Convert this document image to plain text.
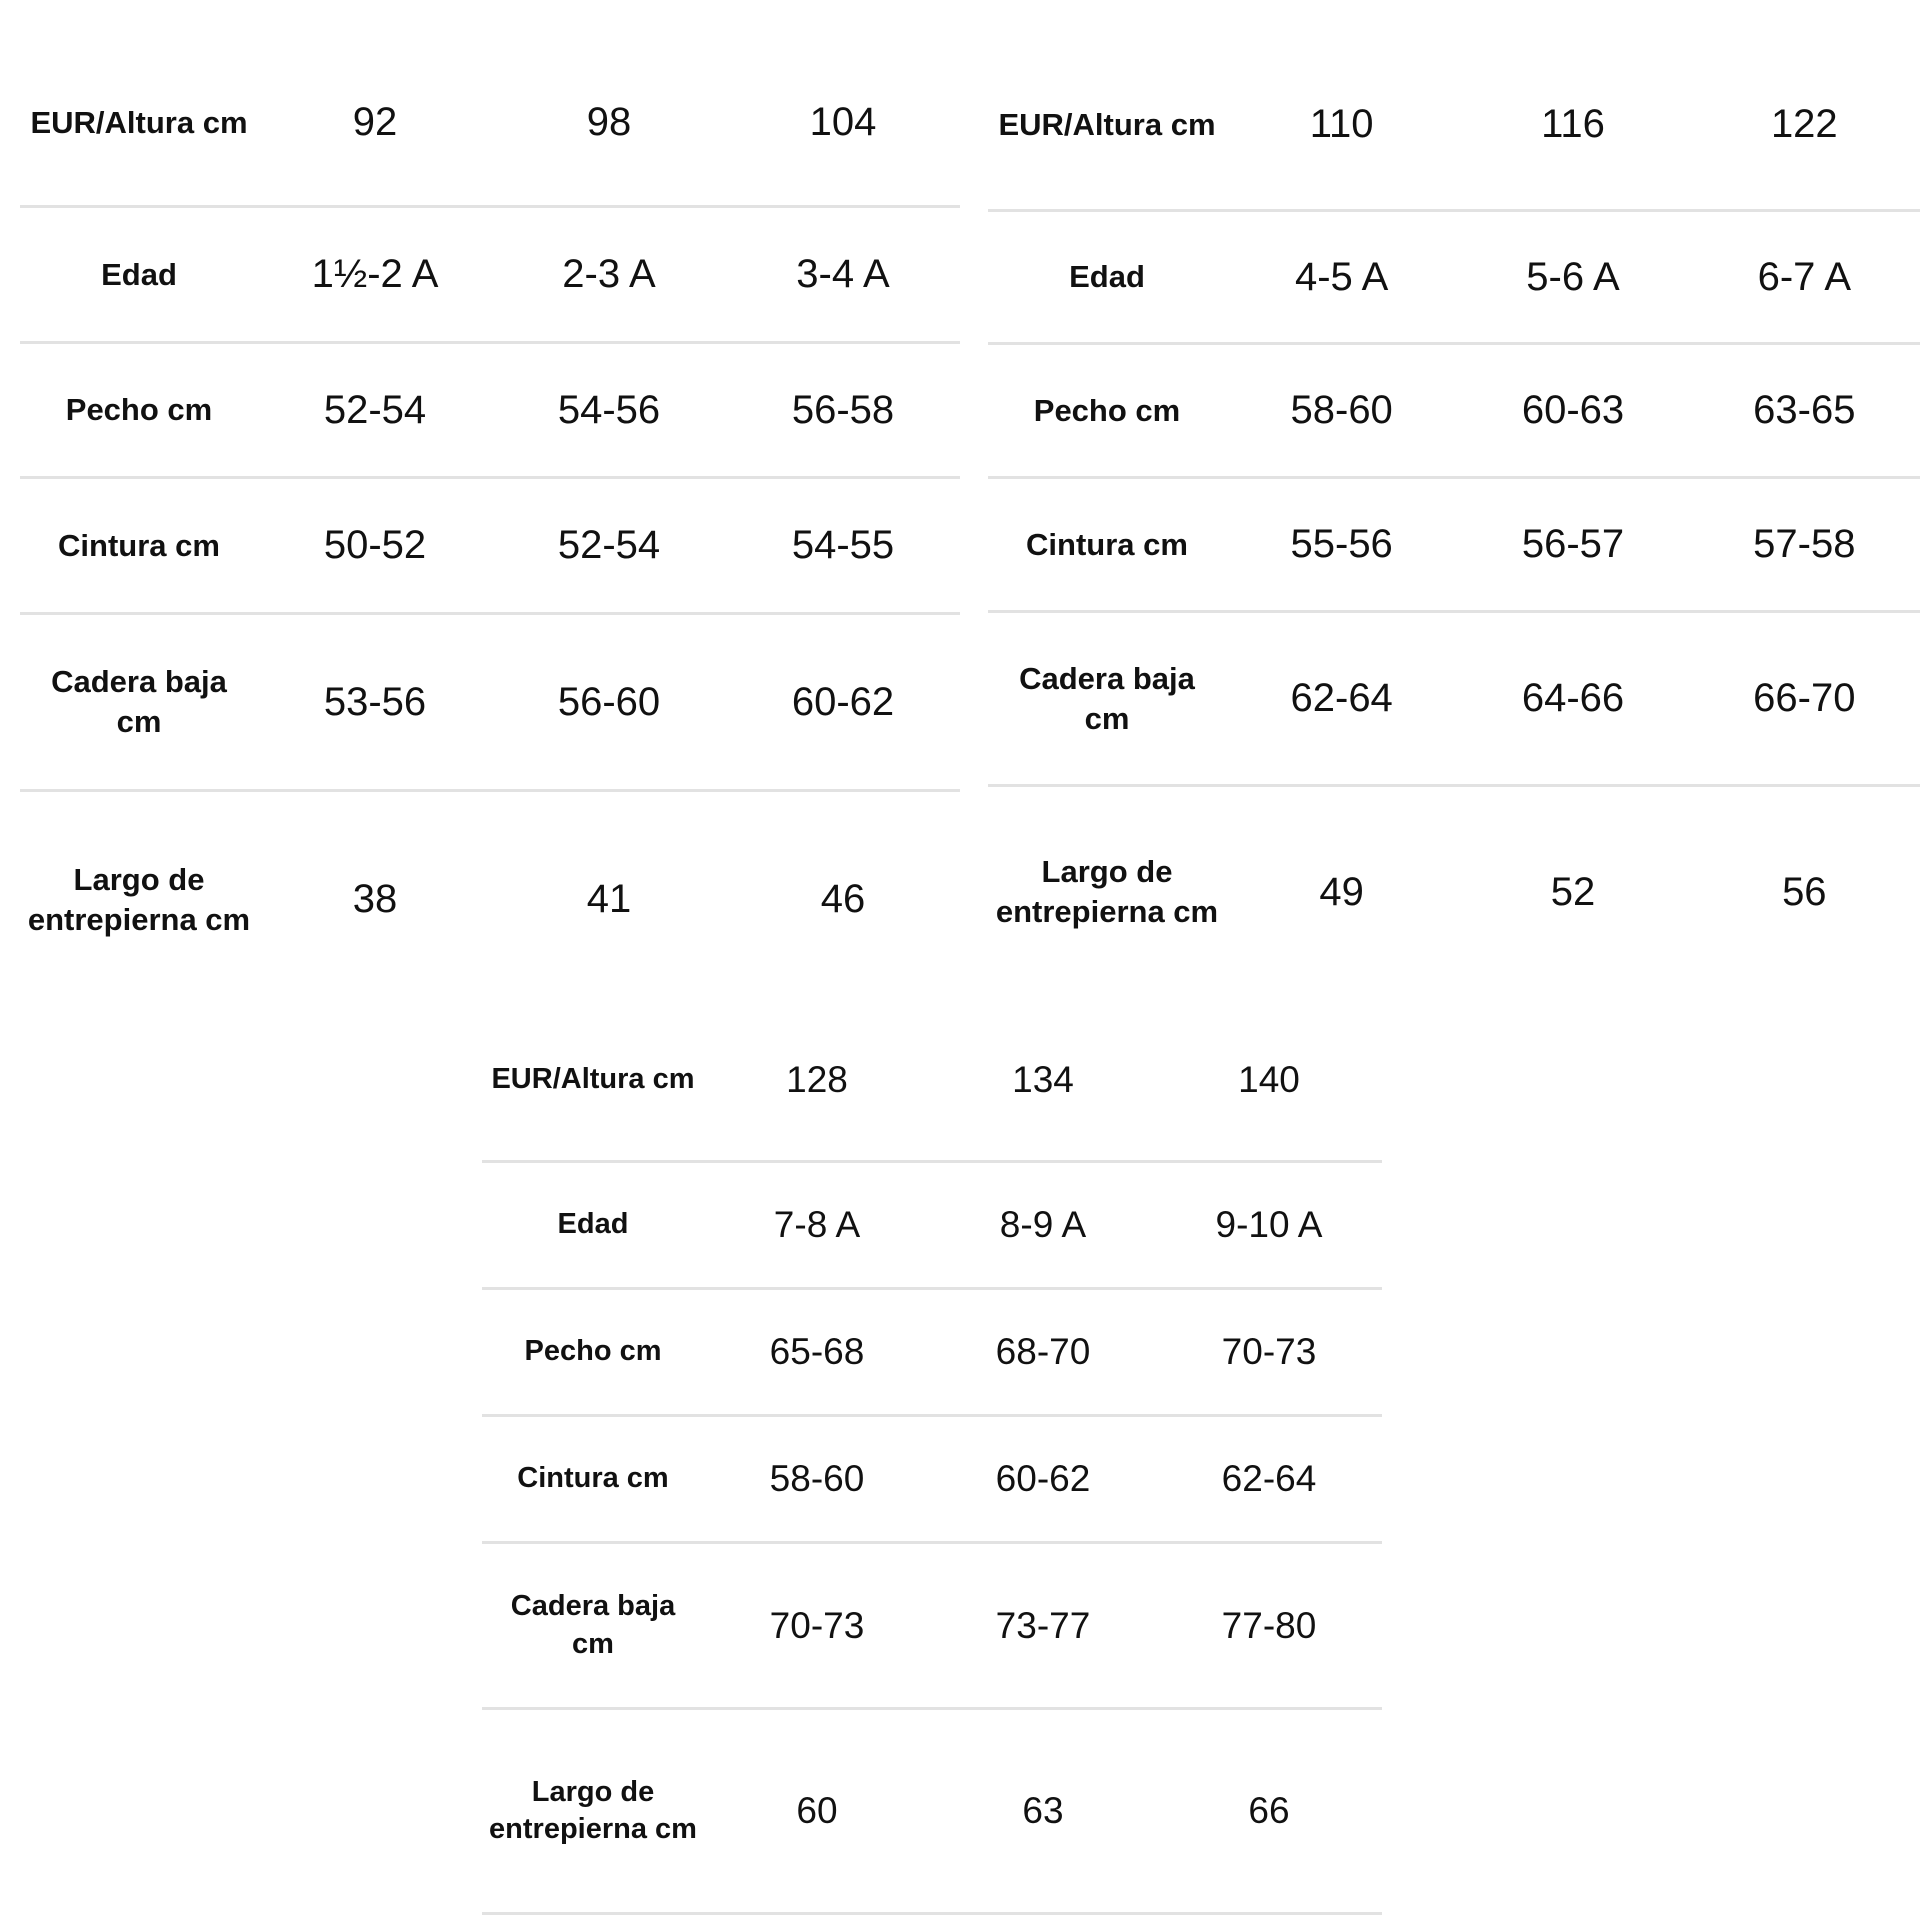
EUR/Altura cm	92	98	104
Edad	1½-2 A	2-3 A	3-4 A
Pecho cm	52-54	54-56	56-58
Cintura cm	50-52	52-54	54-55
Cadera baja cm	53-56	56-60	60-62
Largo de entrepierna cm	38	41	46
EUR/Altura cm	110	116	122
Edad	4-5 A	5-6 A	6-7 A
Pecho cm	58-60	60-63	63-65
Cintura cm	55-56	56-57	57-58
Cadera baja cm	62-64	64-66	66-70
Largo de entrepierna cm	49	52	56
EUR/Altura cm	128	134	140
Edad	7-8 A	8-9 A	9-10 A
Pecho cm	65-68	68-70	70-73
Cintura cm	58-60	60-62	62-64
Cadera baja cm	70-73	73-77	77-80
Largo de entrepierna cm	60	63	66
